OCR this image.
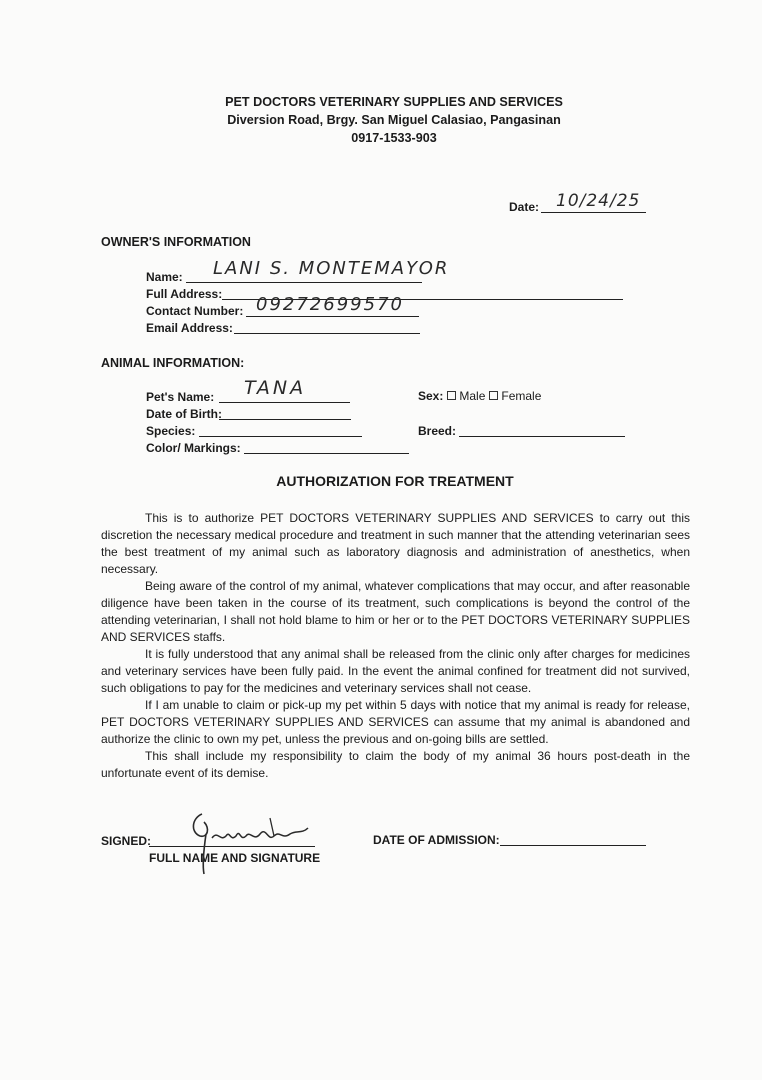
PET DOCTORS VETERINARY SUPPLIES AND SERVICES
Diversion Road, Brgy. San Miguel Calasiao, Pangasinan
0917-1533-903
Date: 10/24/25
OWNER'S INFORMATION
Name: LANI S. MONTEMAYOR
Full Address:
Contact Number: 09272699570
Email Address:
ANIMAL INFORMATION:
Pet's Name: TANA
Date of Birth:
Species:
Color/ Markings:
Sex: Male Female
Breed:
AUTHORIZATION FOR TREATMENT

This is to authorize PET DOCTORS VETERINARY SUPPLIES AND SERVICES to carry out this discretion the necessary medical procedure and treatment in such manner that the attending veterinarian sees the best treatment of my animal such as laboratory diagnosis and administration of anesthetics, when necessary.

Being aware of the control of my animal, whatever complications that may occur, and after reasonable diligence have been taken in the course of its treatment, such complications is beyond the control of the attending veterinarian, I shall not hold blame to him or her or to the PET DOCTORS VETERINARY SUPPLIES AND SERVICES staffs.

It is fully understood that any animal shall be released from the clinic only after charges for medicines and veterinary services have been fully paid. In the event the animal confined for treatment did not survived, such obligations to pay for the medicines and veterinary services shall not cease.

If I am unable to claim or pick-up my pet within 5 days with notice that my animal is ready for release, PET DOCTORS VETERINARY SUPPLIES AND SERVICES can assume that my animal is abandoned and authorize the clinic to own my pet, unless the previous and on-going bills are settled.

This shall include my responsibility to claim the body of my animal 36 hours post-death in the unfortunate event of its demise.

SIGNED:
FULL NAME AND SIGNATURE
DATE OF ADMISSION:
